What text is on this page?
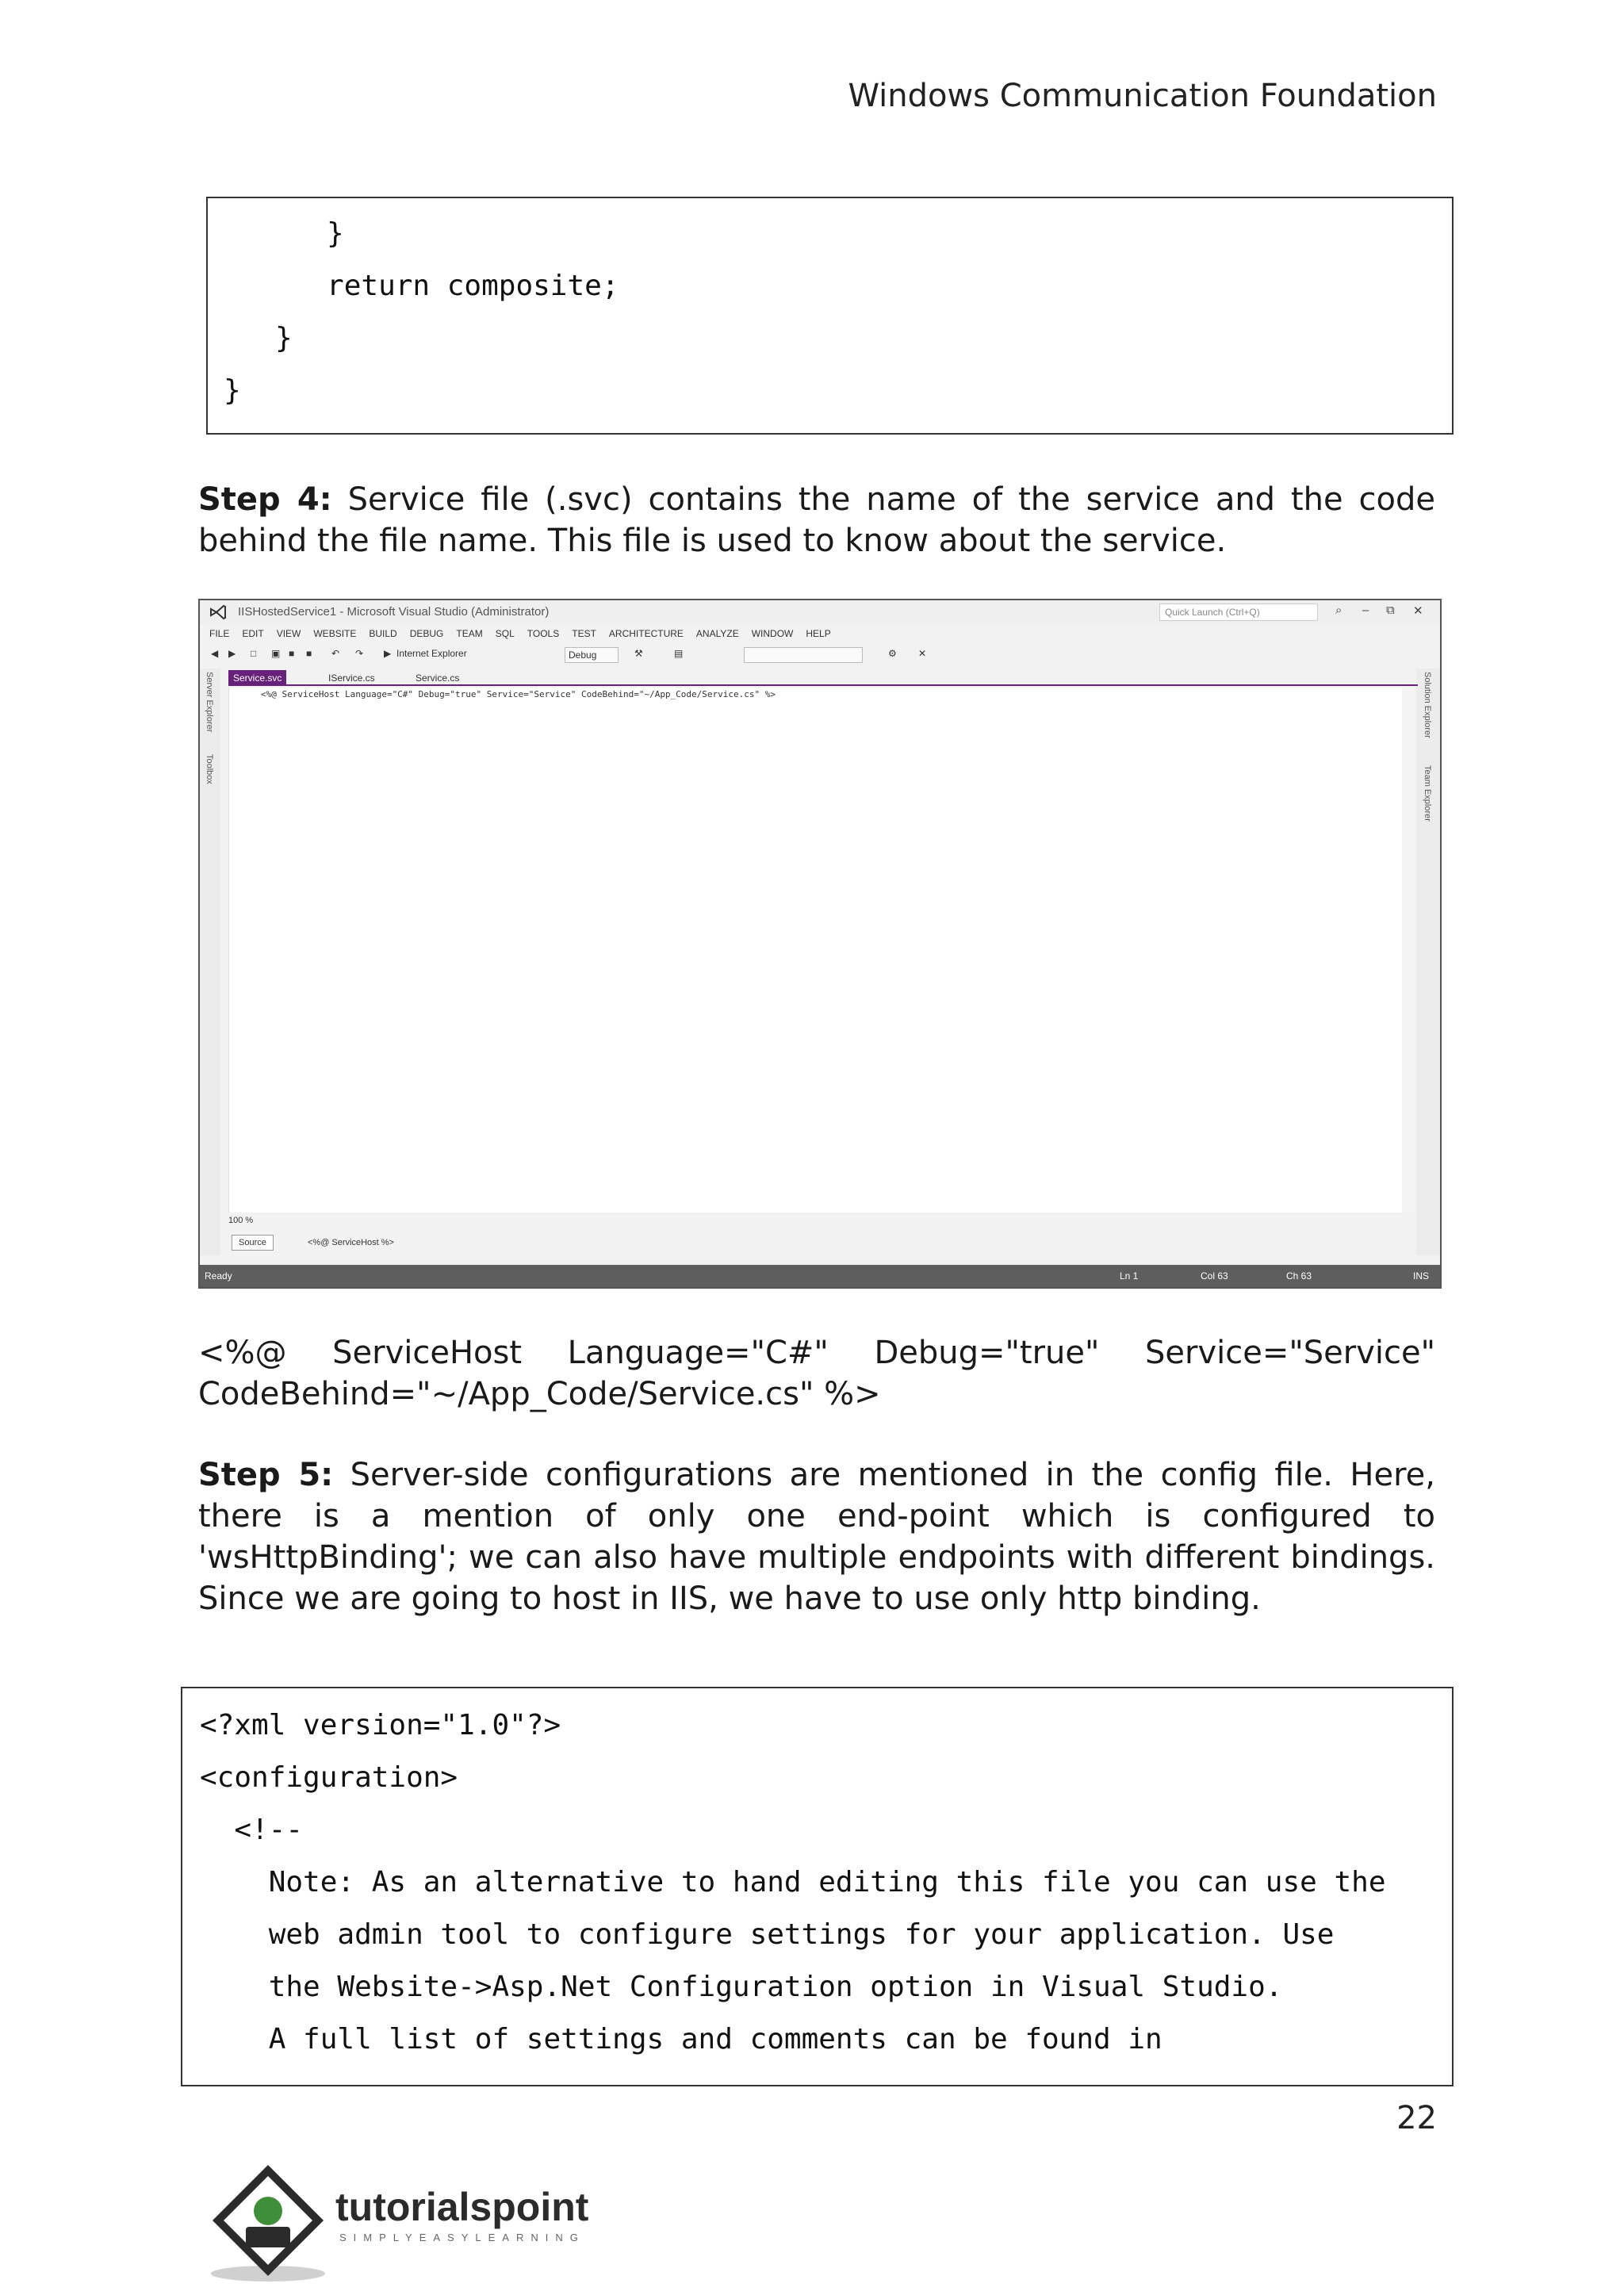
Windows Communication Foundation
}
return composite;
}
}
Step 4: Service file (.svc) contains the name of the service and the code behind the file name. This file is used to know about the service.
IISHostedService1 - Microsoft Visual Studio (Administrator)	Quick Launch (Ctrl+Q)	⌕ – ⧉ ✕
FILE EDIT VIEW WEBSITE BUILD DEBUG TEAM SQL TOOLS TEST ARCHITECTURE ANALYZE WINDOW HELP
◀ ▶ □ ▣ ■ ■ ↶ ↷ ▶ Internet Explorer	Debug	⚒	▤	⚙ ✕
Server Explorer
Toolbox
Solution Explorer
Team Explorer
Service.svc	IService.cs	Service.cs
<%@ ServiceHost Language="C#" Debug="true" Service="Service" CodeBehind="~/App_Code/Service.cs" %>
100 %
Source	<%@ ServiceHost %>
Ready	Ln 1	Col 63	Ch 63	INS
<%@ ServiceHost Language="C#" Debug="true" Service="Service"
CodeBehind="~/App_Code/Service.cs" %>
Step 5: Server-side configurations are mentioned in the config file. Here, there is a mention of only one end-point which is configured to 'wsHttpBinding'; we can also have multiple endpoints with different bindings. Since we are going to host in IIS, we have to use only http binding.
<?xml version="1.0"?>
<configuration>
<!--
Note: As an alternative to hand editing this file you can use the
web admin tool to configure settings for your application. Use
the Website->Asp.Net Configuration option in Visual Studio.
A full list of settings and comments can be found in
22
tutorialspoint
SIMPLYEASYLEARNING
